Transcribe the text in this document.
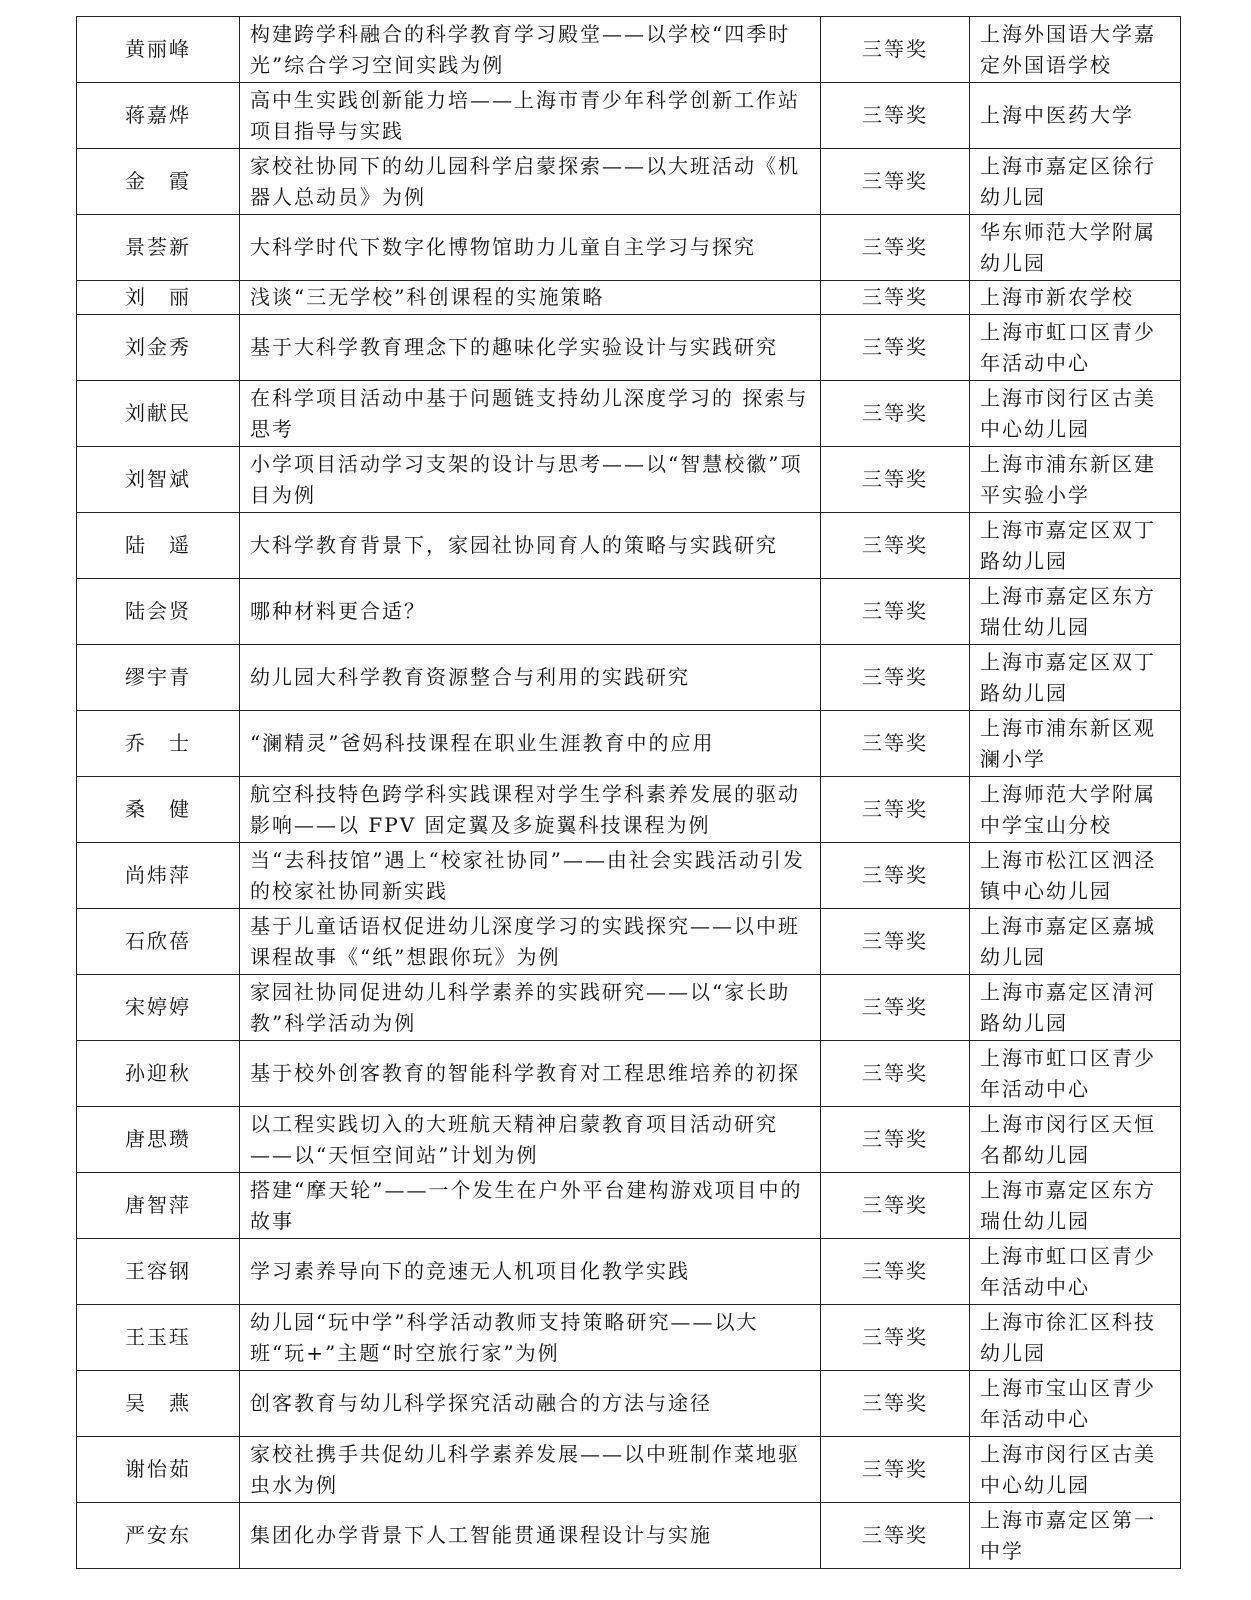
黄丽峰	构建跨学科融合的科学教育学习殿堂——以学校“四季时光”综合学习空间实践为例	三等奖	上海外国语大学嘉定外国语学校
蒋嘉烨	高中生实践创新能力培——上海市青少年科学创新工作站项目指导与实践	三等奖	上海中医药大学
金　霞	家校社协同下的幼儿园科学启蒙探索——以大班活动《机器人总动员》为例	三等奖	上海市嘉定区徐行幼儿园
景荟新	大科学时代下数字化博物馆助力儿童自主学习与探究	三等奖	华东师范大学附属幼儿园
刘　丽	浅谈“三无学校”科创课程的实施策略	三等奖	上海市新农学校
刘金秀	基于大科学教育理念下的趣味化学实验设计与实践研究	三等奖	上海市虹口区青少年活动中心
刘献民	在科学项目活动中基于问题链支持幼儿深度学习的 探索与思考	三等奖	上海市闵行区古美中心幼儿园
刘智斌	小学项目活动学习支架的设计与思考——以“智慧校徽”项目为例	三等奖	上海市浦东新区建平实验小学
陆　遥	大科学教育背景下，家园社协同育人的策略与实践研究	三等奖	上海市嘉定区双丁路幼儿园
陆会贤	哪种材料更合适？	三等奖	上海市嘉定区东方瑞仕幼儿园
缪宇青	幼儿园大科学教育资源整合与利用的实践研究	三等奖	上海市嘉定区双丁路幼儿园
乔　士	“澜精灵”爸妈科技课程在职业生涯教育中的应用	三等奖	上海市浦东新区观澜小学
桑　健	航空科技特色跨学科实践课程对学生学科素养发展的驱动影响——以 FPV 固定翼及多旋翼科技课程为例	三等奖	上海师范大学附属中学宝山分校
尚炜萍	当“去科技馆”遇上“校家社协同”——由社会实践活动引发的校家社协同新实践	三等奖	上海市松江区泗泾镇中心幼儿园
石欣蓓	基于儿童话语权促进幼儿深度学习的实践探究——以中班课程故事《“纸”想跟你玩》为例	三等奖	上海市嘉定区嘉城幼儿园
宋婷婷	家园社协同促进幼儿科学素养的实践研究——以“家长助教”科学活动为例	三等奖	上海市嘉定区清河路幼儿园
孙迎秋	基于校外创客教育的智能科学教育对工程思维培养的初探	三等奖	上海市虹口区青少年活动中心
唐思瓒	以工程实践切入的大班航天精神启蒙教育项目活动研究——以“天恒空间站”计划为例	三等奖	上海市闵行区天恒名都幼儿园
唐智萍	搭建“摩天轮”——一个发生在户外平台建构游戏项目中的故事	三等奖	上海市嘉定区东方瑞仕幼儿园
王容钢	学习素养导向下的竞速无人机项目化教学实践	三等奖	上海市虹口区青少年活动中心
王玉珏	幼儿园“玩中学”科学活动教师支持策略研究——以大班“玩+”主题“时空旅行家”为例	三等奖	上海市徐汇区科技幼儿园
吴　燕	创客教育与幼儿科学探究活动融合的方法与途径	三等奖	上海市宝山区青少年活动中心
谢怡茹	家校社携手共促幼儿科学素养发展——以中班制作菜地驱虫水为例	三等奖	上海市闵行区古美中心幼儿园
严安东	集团化办学背景下人工智能贯通课程设计与实施	三等奖	上海市嘉定区第一中学
